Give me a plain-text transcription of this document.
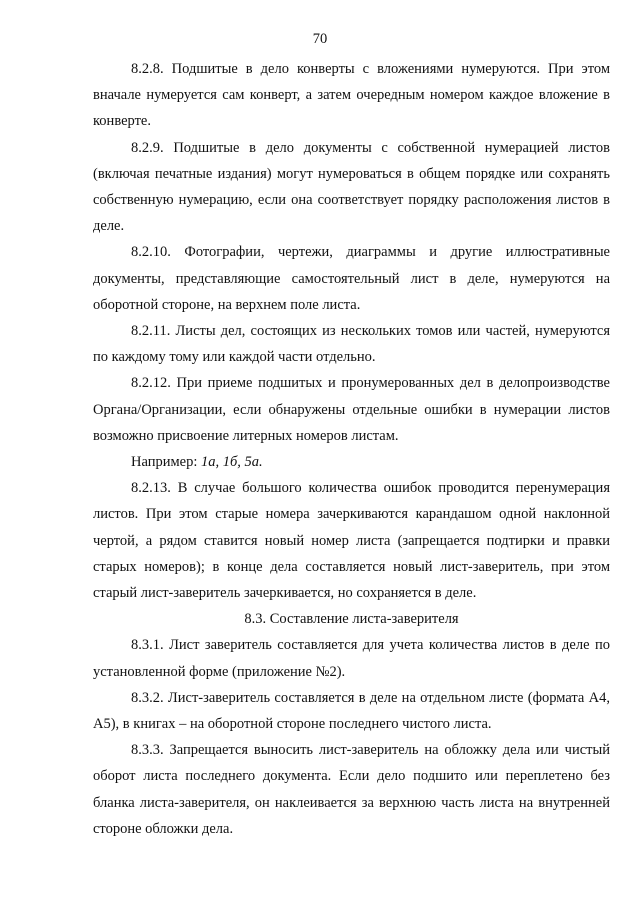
70

8.2.8. Подшитые в дело конверты с вложениями нумеруются. При этом вначале нумеруется сам конверт, а затем очередным номером каждое вложение в конверте.

8.2.9. Подшитые в дело документы с собственной нумерацией листов (включая печатные издания) могут нумероваться в общем порядке или сохранять собственную нумерацию, если она соответствует порядку расположения листов в деле.

8.2.10. Фотографии, чертежи, диаграммы и другие иллюстративные документы, представляющие самостоятельный лист в деле, нумеруются на оборотной стороне, на верхнем поле листа.

8.2.11. Листы дел, состоящих из нескольких томов или частей, нумеруются по каждому тому или каждой части отдельно.

8.2.12. При приеме подшитых и пронумерованных дел в делопроизводстве Органа/Организации, если обнаружены отдельные ошибки в нумерации листов возможно присвоение литерных номеров листам.

Например: 1а, 1б, 5а.

8.2.13. В случае большого количества ошибок проводится перенумерация листов. При этом старые номера зачеркиваются карандашом одной наклонной чертой, а рядом ставится новый номер листа (запрещается подтирки и правки старых номеров); в конце дела составляется новый лист-заверитель, при этом старый лист-заверитель зачеркивается, но сохраняется в деле.

8.3. Составление листа-заверителя

8.3.1. Лист заверитель составляется для учета количества листов в деле по установленной форме (приложение №2).

8.3.2. Лист-заверитель составляется в деле на отдельном листе (формата А4, А5), в книгах – на оборотной стороне последнего чистого листа.

8.3.3. Запрещается выносить лист-заверитель на обложку дела или чистый оборот листа последнего документа. Если дело подшито или переплетено без бланка листа-заверителя, он наклеивается за верхнюю часть листа на внутренней стороне обложки дела.
